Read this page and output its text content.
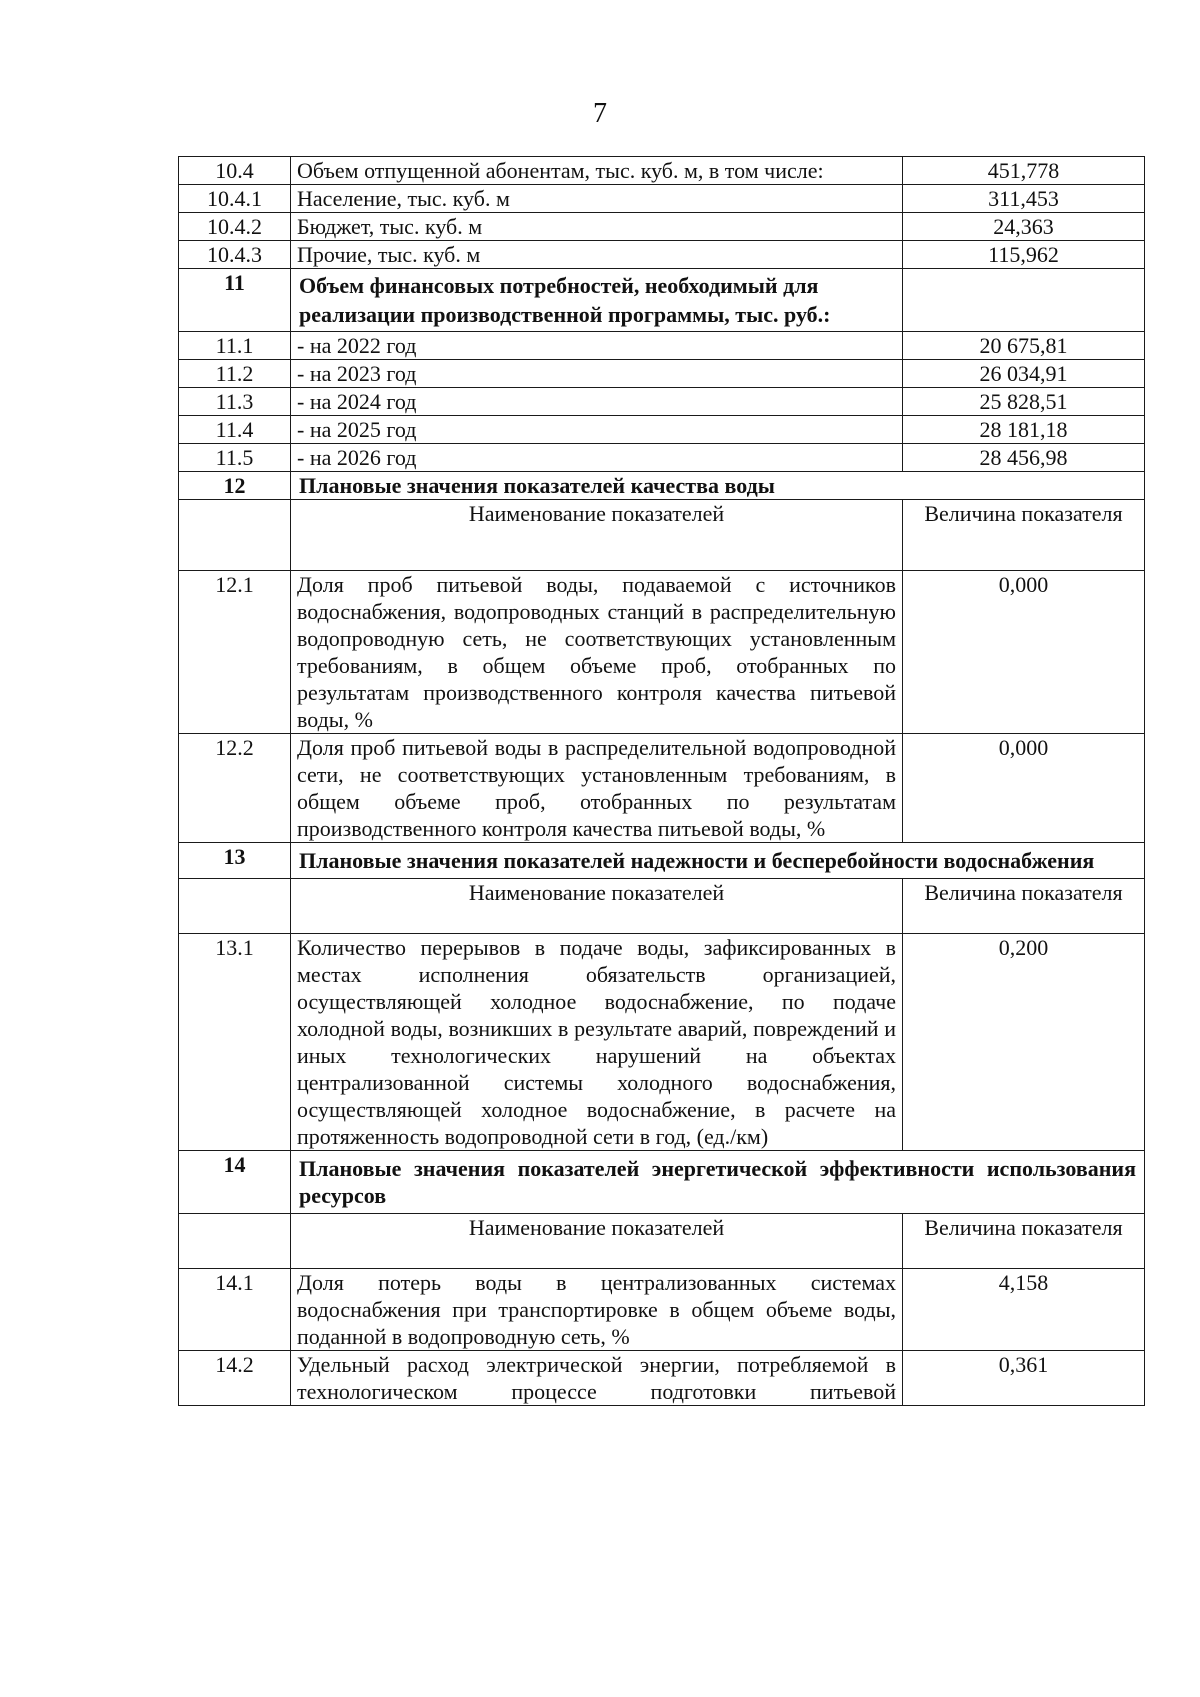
7
10.4	Объем отпущенной абонентам, тыс. куб. м, в том числе:	451,778
10.4.1	Население, тыс. куб. м	311,453
10.4.2	Бюджет, тыс. куб. м	24,363
10.4.3	Прочие, тыс. куб. м	115,962
11	Объем финансовых потребностей, необходимый для реализации производственной программы, тыс. руб.:	
11.1	- на 2022 год	20 675,81
11.2	- на 2023 год	26 034,91
11.3	- на 2024 год	25 828,51
11.4	- на 2025 год	28 181,18
11.5	- на 2026 год	28 456,98
12	Плановые значения показателей качества воды	
	Наименование показателей	Величина показателя
12.1	Доля проб питьевой воды, подаваемой с источников водоснабжения, водопроводных станций в распределительную водопроводную сеть, не соответствующих установленным требованиям, в общем объеме проб, отобранных по результатам производственного контроля качества питьевой воды, %	0,000
12.2	Доля проб питьевой воды в распределительной водопроводной сети, не соответствующих установленным требованиям, в общем объеме проб, отобранных по результатам производственного контроля качества питьевой воды, %	0,000
13	Плановые значения показателей надежности и бесперебойности водоснабжения	
	Наименование показателей	Величина показателя
13.1	Количество перерывов в подаче воды, зафиксированных в местах исполнения обязательств организацией, осуществляющей холодное водоснабжение, по подаче холодной воды, возникших в результате аварий, повреждений и иных технологических нарушений на объектах централизованной системы холодного водоснабжения, осуществляющей холодное водоснабжение, в расчете на протяженность водопроводной сети в год, (ед./км)	0,200
14	Плановые значения показателей энергетической эффективности использования ресурсов	
	Наименование показателей	Величина показателя
14.1	Доля потерь воды в централизованных системах водоснабжения при транспортировке в общем объеме воды, поданной в водопроводную сеть, %	4,158
14.2	Удельный расход электрической энергии, потребляемой в технологическом процессе подготовки питьевой	0,361
